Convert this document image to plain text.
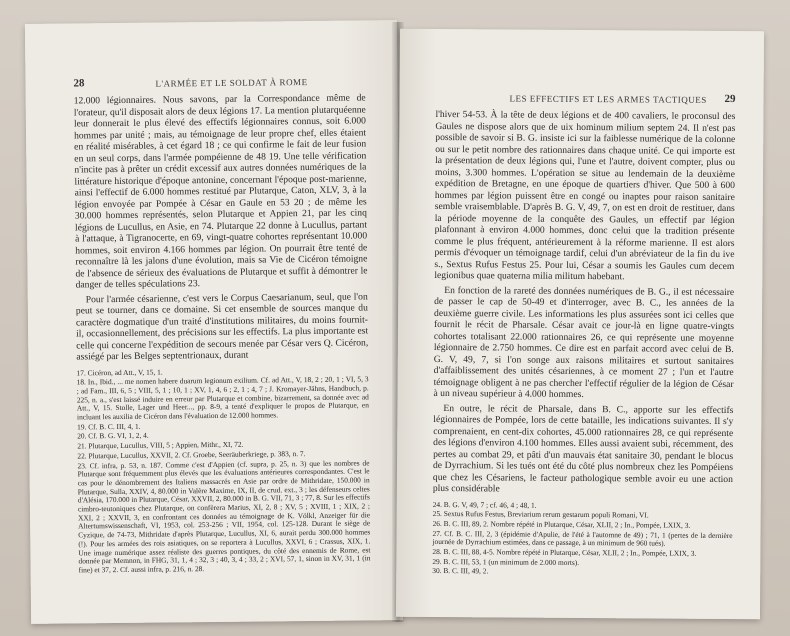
28	L'ARMÉE ET LE SOLDAT À ROME

12.000 légionnaires. Nous savons, par la Correspondance même de l'orateur, qu'il disposait alors de deux légions 17. La mention plutarquéenne leur donnerait le plus élevé des effectifs légionnaires connus, soit 6.000 hommes par unité ; mais, au témoignage de leur propre chef, elles étaient en réalité misérables, à cet égard 18 ; ce qui confirme le fait de leur fusion en un seul corps, dans l'armée pompéienne de 48 19. Une telle vérification n'incite pas à prêter un crédit excessif aux autres données numériques de la littérature historique d'époque antonine, concernant l'époque post-marienne, ainsi l'effectif de 6.000 hommes restitué par Plutarque, Caton, XLV, 3, à la légion envoyée par Pompée à César en Gaule en 53 20 ; de même les 30.000 hommes représentés, selon Plutarque et Appien 21, par les cinq légions de Lucullus, en Asie, en 74. Plutarque 22 donne à Lucullus, partant à l'attaque, à Tigranocerte, en 69, vingt-quatre cohortes représentant 10.000 hommes, soit environ 4.166 hommes par légion. On pourrait être tenté de reconnaître là les jalons d'une évolution, mais sa Vie de Cicéron témoigne de l'absence de sérieux des évaluations de Plutarque et suffit à démontrer le danger de telles spéculations 23.

Pour l'armée césarienne, c'est vers le Corpus Caesarianum, seul, que l'on peut se tourner, dans ce domaine. Si cet ensemble de sources manque du caractère dogmatique d'un traité d'institutions militaires, du moins fournit-il, occasionnellement, des précisions sur les effectifs. La plus importante est celle qui concerne l'expédition de secours menée par César vers Q. Cicéron, assiégé par les Belges septentrionaux, durant

17. Cicéron, ad Att., V, 15, 1.

18. In., Ibid., ... me nomen habere duarum legionum exilium. Cf. ad Att., V, 18, 2 ; 20, 1 ; VI, 5, 3 ; ad Fam., III, 6, 5 ; VIII, 5, 1 ; 10, 1 ; XV, 1, 4, 6 ; 2, 1 ; 4, 7 ; J. Kromayer-Jähns, Handbuch, p. 225, n. a., s'est laissé induire en erreur par Plutarque et combine, bizarrement, sa donnée avec ad Att., V, 15. Stolle, Lager und Heer..., pp. 8-9, a tenté d'expliquer le propos de Plutarque, en incluant les auxilia de Cicéron dans l'évaluation de 12.000 hommes.

19. Cf. B. C. III, 4, 1.

20. Cf. B. G. VI, 1, 2, 4.

21. Plutarque, Lucullus, VIII, 5 ; Appien, Mithr., XI, 72.

22. Plutarque, Lucullus, XXVII, 2. Cf. Groebe, Seeräuberkriege, p. 383, n. 7.

23. Cf. infra, p. 53, n. 187. Comme c'est d'Appien (cf. supra, p. 25, n. 3) que les nombres de Plutarque sont fréquemment plus élevés que les évaluations antérieures correspondantes. C'est le cas pour le dénombrement des Italiens massacrés en Asie par ordre de Mithridate, 150.000 in Plutarque, Sulla, XXIV, 4, 80.000 in Valère Maxime, IX, II, de crud. ext., 3 ; les défenseurs celtes d'Alésia, 170.000 in Plutarque, César, XXVII, 2, 80.000 in B. G. VII, 71, 3 ; 77, 8. Sur les effectifs cimbro-teutoniques chez Plutarque, on confèrera Marius, XI, 2, 8 ; XV, 5 ; XVIII, 1 ; XIX, 2 ; XXI, 2 ; XXVII, 3, en confrontant ces données au témoignage de K. Völkl, Anzeiger für die Altertumswissenschaft, VI, 1953, col. 253-256 ; VII, 1954, col. 125-128. Durant le siège de Cyzique, de 74-73, Mithridate d'après Plutarque, Lucullus, XI, 6, aurait perdu 300.000 hommes (!). Pour les armées des rois asiatiques, on se reportera à Lucullus, XXVI, 6 ; Crassus, XIX, 1. Une image numérique assez réaliste des guerres pontiques, du côté des ennemis de Rome, est donnée par Memnon, in FHG, 31, 1, 4 ; 32, 3 ; 40, 3, 4 ; 33, 2 ; XVI, 57, 1, sinon in XV, 31, 1 (in fine) et 37, 2. Cf. aussi infra, p. 216, n. 28.

LES EFFECTIFS ET LES ARMES TACTIQUES 29

l'hiver 54-53. À la tête de deux légions et de 400 cavaliers, le proconsul des Gaules ne dispose alors que de uix hominum milium septem 24. Il n'est pas possible de savoir si B. G. insiste ici sur la faiblesse numérique de la colonne ou sur le petit nombre des rationnaires dans chaque unité. Ce qui importe est la présentation de deux légions qui, l'une et l'autre, doivent compter, plus ou moins, 3.300 hommes. L'opération se situe au lendemain de la deuxième expédition de Bretagne, en une époque de quartiers d'hiver. Que 500 à 600 hommes par légion puissent être en congé ou inaptes pour raison sanitaire semble vraisemblable. D'après B. G. V, 49, 7, on est en droit de restituer, dans la période moyenne de la conquête des Gaules, un effectif par légion plafonnant à environ 4.000 hommes, donc celui que la tradition présente comme le plus fréquent, antérieurement à la réforme marienne. Il est alors permis d'évoquer un témoignage tardif, celui d'un abréviateur de la fin du ive s., Sextus Rufus Festus 25. Pour lui, César a soumis les Gaules cum decem legionibus quae quaterna milia militum habebant.

En fonction de la rareté des données numériques de B. G., il est nécessaire de passer le cap de 50-49 et d'interroger, avec B. C., les années de la deuxième guerre civile. Les informations les plus assurées sont ici celles que fournit le récit de Pharsale. César avait ce jour-là en ligne quatre-vingts cohortes totalisant 22.000 rationnaires 26, ce qui représente une moyenne légionnaire de 2.750 hommes. Ce dire est en parfait accord avec celui de B. G. V, 49, 7, si l'on songe aux raisons militaires et surtout sanitaires d'affaiblissement des unités césariennes, à ce moment 27 ; l'un et l'autre témoignage obligent à ne pas chercher l'effectif régulier de la légion de César à un niveau supérieur à 4.000 hommes.

En outre, le récit de Pharsale, dans B. C., apporte sur les effectifs légionnaires de Pompée, lors de cette bataille, les indications suivantes. Il s'y comprenaient, en cent-dix cohortes, 45.000 rationnaires 28, ce qui représente des légions d'environ 4.100 hommes. Elles aussi avaient subi, récemment, des pertes au combat 29, et pâti d'un mauvais état sanitaire 30, pendant le blocus de Dyrrachium. Si les tués ont été du côté plus nombreux chez les Pompéiens que chez les Césariens, le facteur pathologique semble avoir eu une action plus considérable

24. B. G. V, 49, 7 ; cf. 46, 4 ; 48, 1.

25. Sextus Rufus Festus, Breviarium rerum gestarum populi Romani, VI.

26. B. C. III, 89, 2. Nombre répété in Plutarque, César, XLII, 2 ; In., Pompée, LXIX, 3.

27. Cf. B. C. III, 2, 3 (épidémie d'Apulie, de l'été à l'automne de 49) ; 71, 1 (pertes de la dernière journée de Dyrrachium estimées, dans ce passage, à un minimum de 960 tués).

28. B. C. III, 88, 4-5. Nombre répété in Plutarque, César, XLII, 2 ; In., Pompée, LXIX, 3.

29. B. C. III, 53, 1 (un minimum de 2.000 morts).

30. B. C. III, 49, 2.
